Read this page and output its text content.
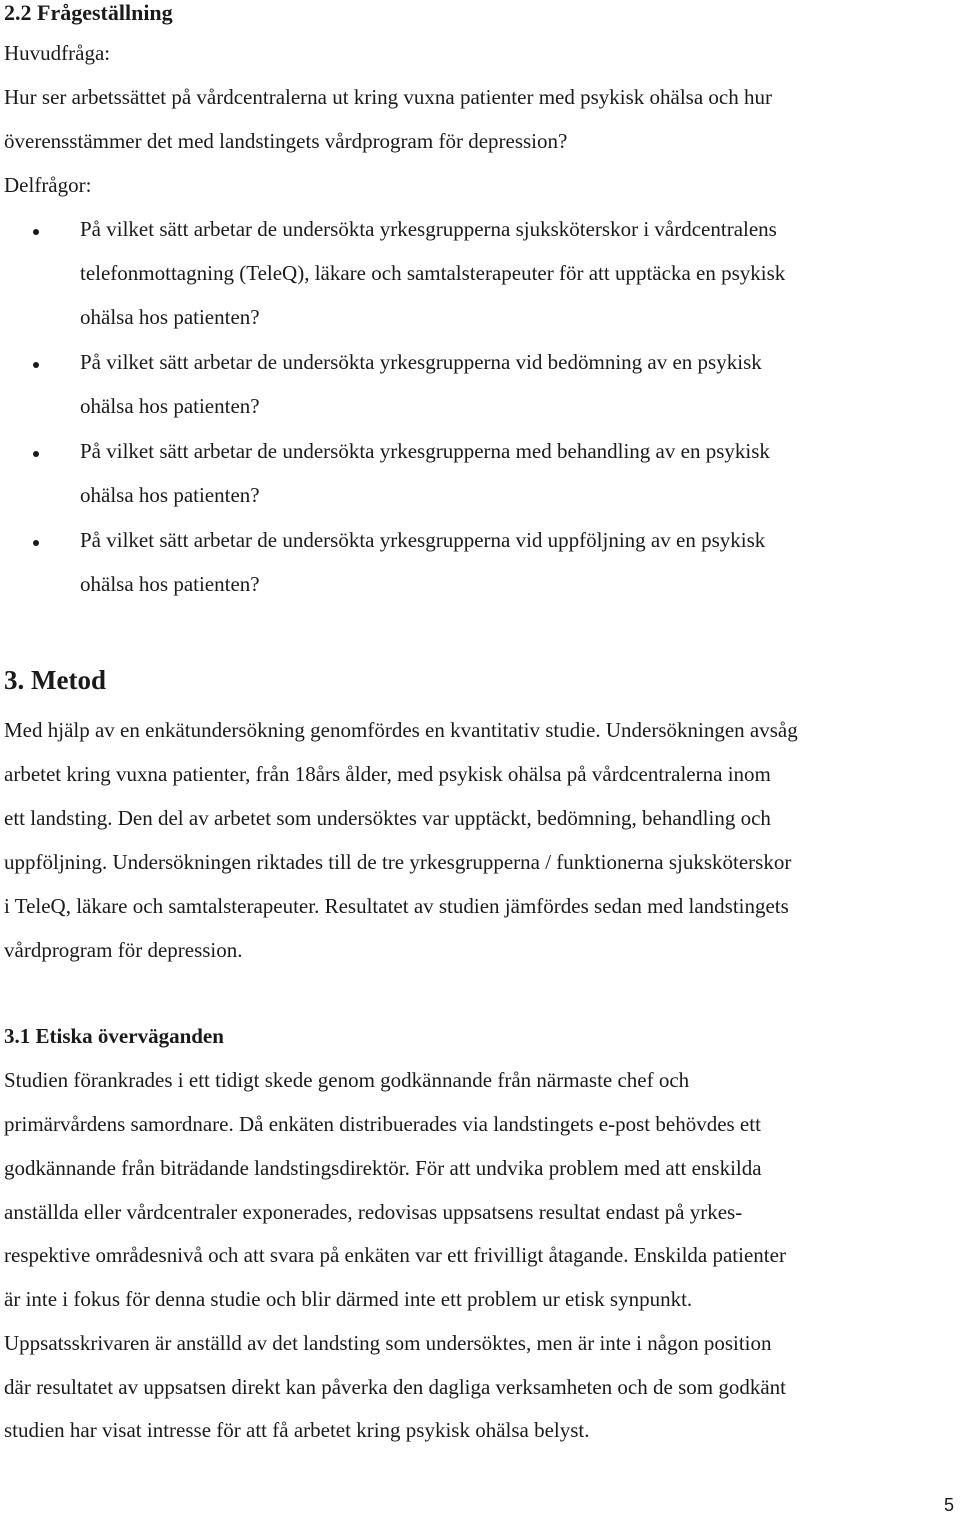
2.2 Frågeställning
Huvudfråga:
Hur ser arbetssättet på vårdcentralerna ut kring vuxna patienter med psykisk ohälsa och hur
överensstämmer det med landstingets vårdprogram för depression?
Delfrågor:
På vilket sätt arbetar de undersökta yrkesgrupperna sjuksköterskor i vårdcentralens
telefonmottagning (TeleQ), läkare och samtalsterapeuter för att upptäcka en psykisk
ohälsa hos patienten?
På vilket sätt arbetar de undersökta yrkesgrupperna vid bedömning av en psykisk
ohälsa hos patienten?
På vilket sätt arbetar de undersökta yrkesgrupperna med behandling av en psykisk
ohälsa hos patienten?
På vilket sätt arbetar de undersökta yrkesgrupperna vid uppföljning av en psykisk
ohälsa hos patienten?
3. Metod
Med hjälp av en enkätundersökning genomfördes en kvantitativ studie. Undersökningen avsåg
arbetet kring vuxna patienter, från 18års ålder, med psykisk ohälsa på vårdcentralerna inom
ett landsting. Den del av arbetet som undersöktes var upptäckt, bedömning, behandling och
uppföljning. Undersökningen riktades till de tre yrkesgrupperna / funktionerna sjuksköterskor
i TeleQ, läkare och samtalsterapeuter. Resultatet av studien jämfördes sedan med landstingets
vårdprogram för depression.
3.1 Etiska överväganden
Studien förankrades i ett tidigt skede genom godkännande från närmaste chef och
primärvårdens samordnare. Då enkäten distribuerades via landstingets e-post behövdes ett
godkännande från biträdande landstingsdirektör. För att undvika problem med att enskilda
anställda eller vårdcentraler exponerades, redovisas uppsatsens resultat endast på yrkes-
respektive områdesnivå och att svara på enkäten var ett frivilligt åtagande. Enskilda patienter
är inte i fokus för denna studie och blir därmed inte ett problem ur etisk synpunkt.
Uppsatsskrivaren är anställd av det landsting som undersöktes, men är inte i någon position
där resultatet av uppsatsen direkt kan påverka den dagliga verksamheten och de som godkänt
studien har visat intresse för att få arbetet kring psykisk ohälsa belyst.
5
